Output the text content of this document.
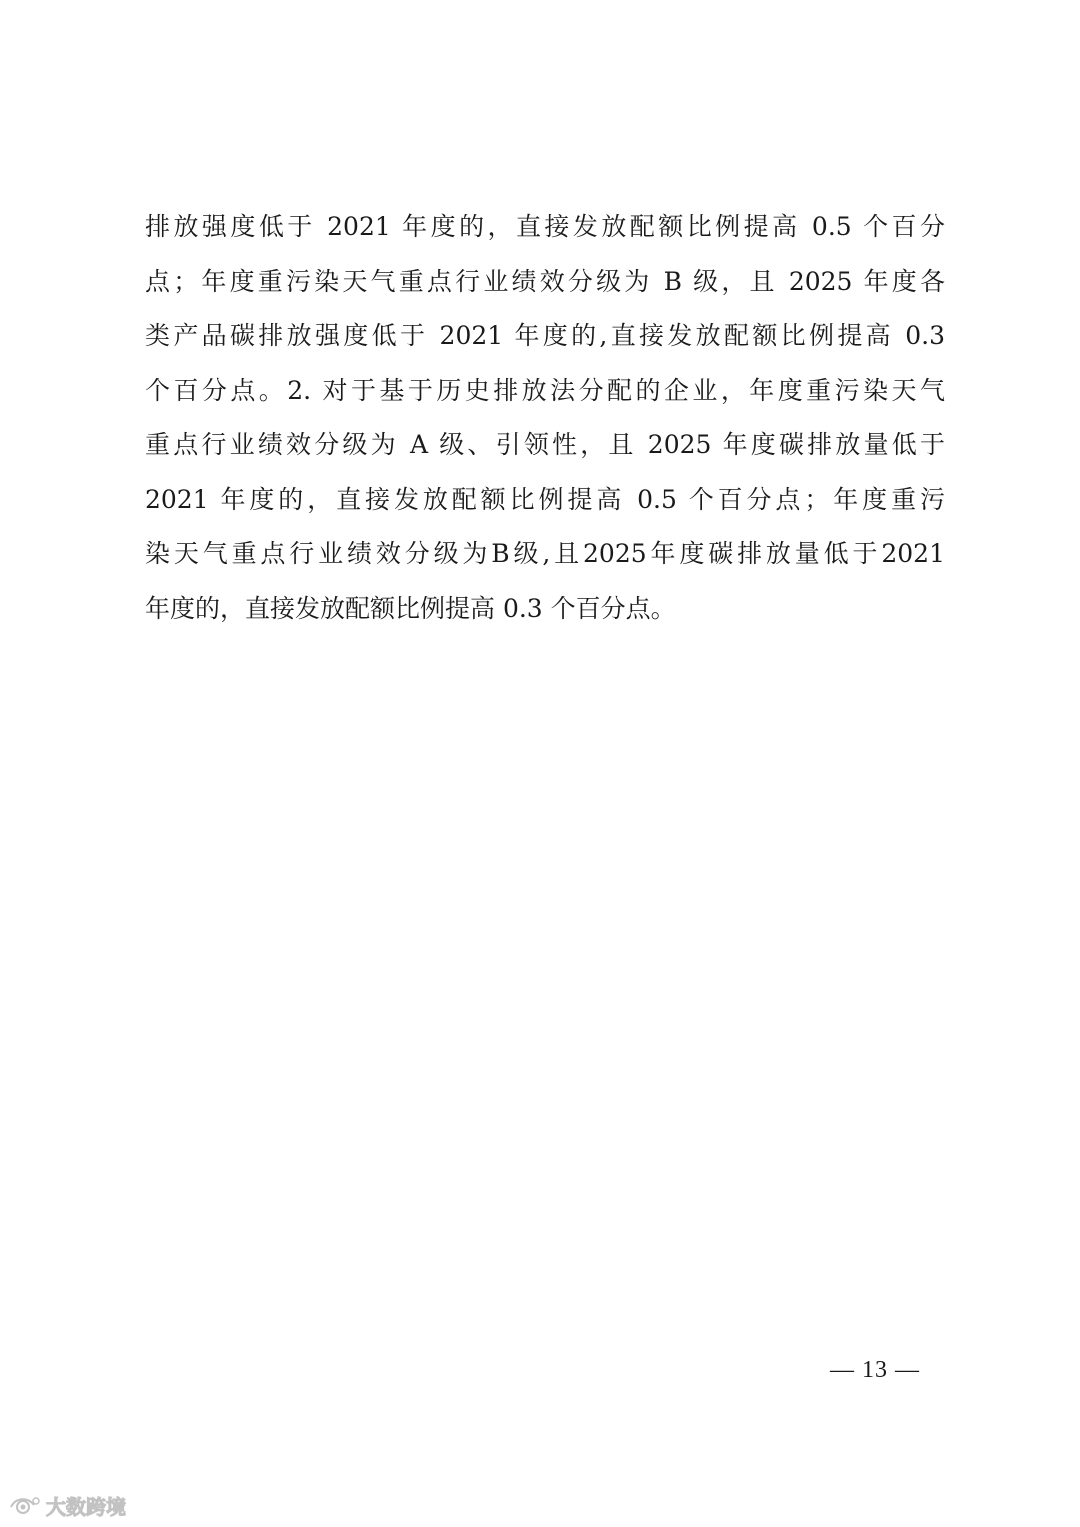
排放强度低于 2021 年度的，直接发放配额比例提高 0.5 个百分
点；年度重污染天气重点行业绩效分级为 B 级，且 2025 年度各
类产品碳排放强度低于 2021 年度的,直接发放配额比例提高 0.3
个百分点。2. 对于基于历史排放法分配的企业，年度重污染天气
重点行业绩效分级为 A 级、引领性，且 2025 年度碳排放量低于
2021 年度的，直接发放配额比例提高 0.5 个百分点；年度重污
染天气重点行业绩效分级为B级,且2025年度碳排放量低于2021
年度的，直接发放配额比例提高 0.3 个百分点。
— 13 —
大数跨境
